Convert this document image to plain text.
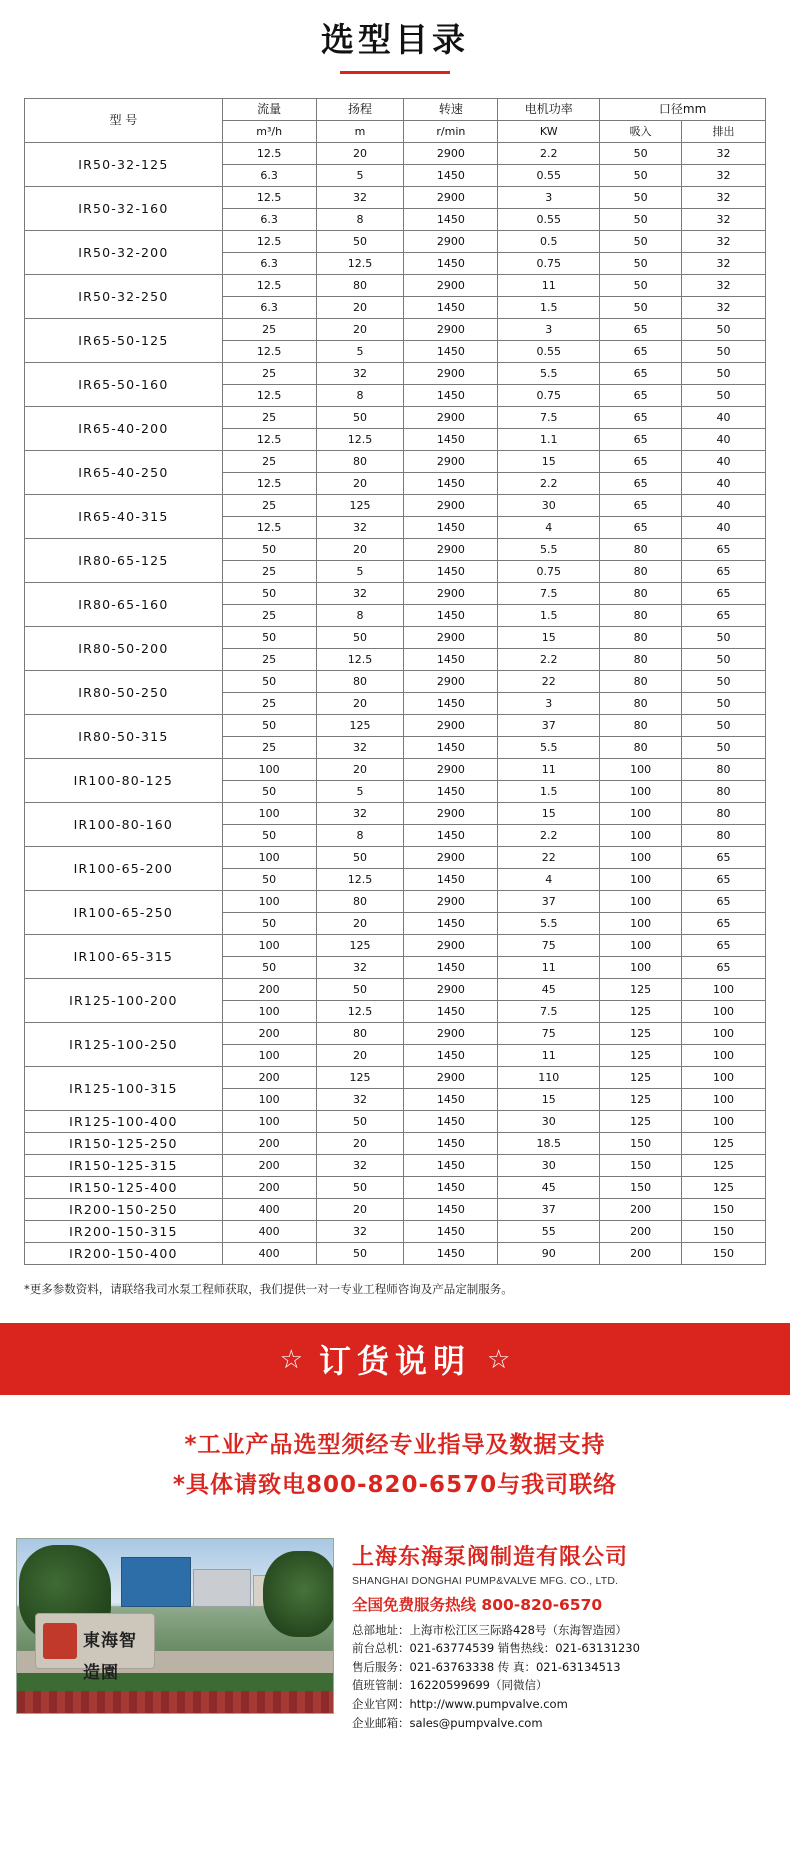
选型目录
型 号	流量	扬程	转速	电机功率	口径mm	
	m³/h	m	r/min	KW	吸入	排出
IR50-32-125	12.5	20	2900	2.2	50	32
	6.3	5	1450	0.55	50	32
IR50-32-160	12.5	32	2900	3	50	32
	6.3	8	1450	0.55	50	32
IR50-32-200	12.5	50	2900	0.5	50	32
	6.3	12.5	1450	0.75	50	32
IR50-32-250	12.5	80	2900	11	50	32
	6.3	20	1450	1.5	50	32
IR65-50-125	25	20	2900	3	65	50
	12.5	5	1450	0.55	65	50
IR65-50-160	25	32	2900	5.5	65	50
	12.5	8	1450	0.75	65	50
IR65-40-200	25	50	2900	7.5	65	40
	12.5	12.5	1450	1.1	65	40
IR65-40-250	25	80	2900	15	65	40
	12.5	20	1450	2.2	65	40
IR65-40-315	25	125	2900	30	65	40
	12.5	32	1450	4	65	40
IR80-65-125	50	20	2900	5.5	80	65
	25	5	1450	0.75	80	65
IR80-65-160	50	32	2900	7.5	80	65
	25	8	1450	1.5	80	65
IR80-50-200	50	50	2900	15	80	50
	25	12.5	1450	2.2	80	50
IR80-50-250	50	80	2900	22	80	50
	25	20	1450	3	80	50
IR80-50-315	50	125	2900	37	80	50
	25	32	1450	5.5	80	50
IR100-80-125	100	20	2900	11	100	80
	50	5	1450	1.5	100	80
IR100-80-160	100	32	2900	15	100	80
	50	8	1450	2.2	100	80
IR100-65-200	100	50	2900	22	100	65
	50	12.5	1450	4	100	65
IR100-65-250	100	80	2900	37	100	65
	50	20	1450	5.5	100	65
IR100-65-315	100	125	2900	75	100	65
	50	32	1450	11	100	65
IR125-100-200	200	50	2900	45	125	100
	100	12.5	1450	7.5	125	100
IR125-100-250	200	80	2900	75	125	100
	100	20	1450	11	125	100
IR125-100-315	200	125	2900	110	125	100
	100	32	1450	15	125	100
IR125-100-400	100	50	1450	30	125	100
IR150-125-250	200	20	1450	18.5	150	125
IR150-125-315	200	32	1450	30	150	125
IR150-125-400	200	50	1450	45	150	125
IR200-150-250	400	20	1450	37	200	150
IR200-150-315	400	32	1450	55	200	150
IR200-150-400	400	50	1450	90	200	150
*更多参数资料，请联络我司水泵工程师获取，我们提供一对一专业工程师咨询及产品定制服务。
☆ 订货说明 ☆
*工业产品选型须经专业指导及数据支持
*具体请致电800-820-6570与我司联络
東海智造園
上海东海泵阀制造有限公司
SHANGHAI DONGHAI PUMP&VALVE MFG. CO., LTD.
全国免费服务热线 800-820-6570
总部地址：上海市松江区三际路428号（东海智造园）
前台总机：021-63774539 销售热线：021-63131230
售后服务：021-63763338 传 真：021-63134513
值班管制：16220599699（同微信）
企业官网：http://www.pumpvalve.com
企业邮箱：sales@pumpvalve.com
